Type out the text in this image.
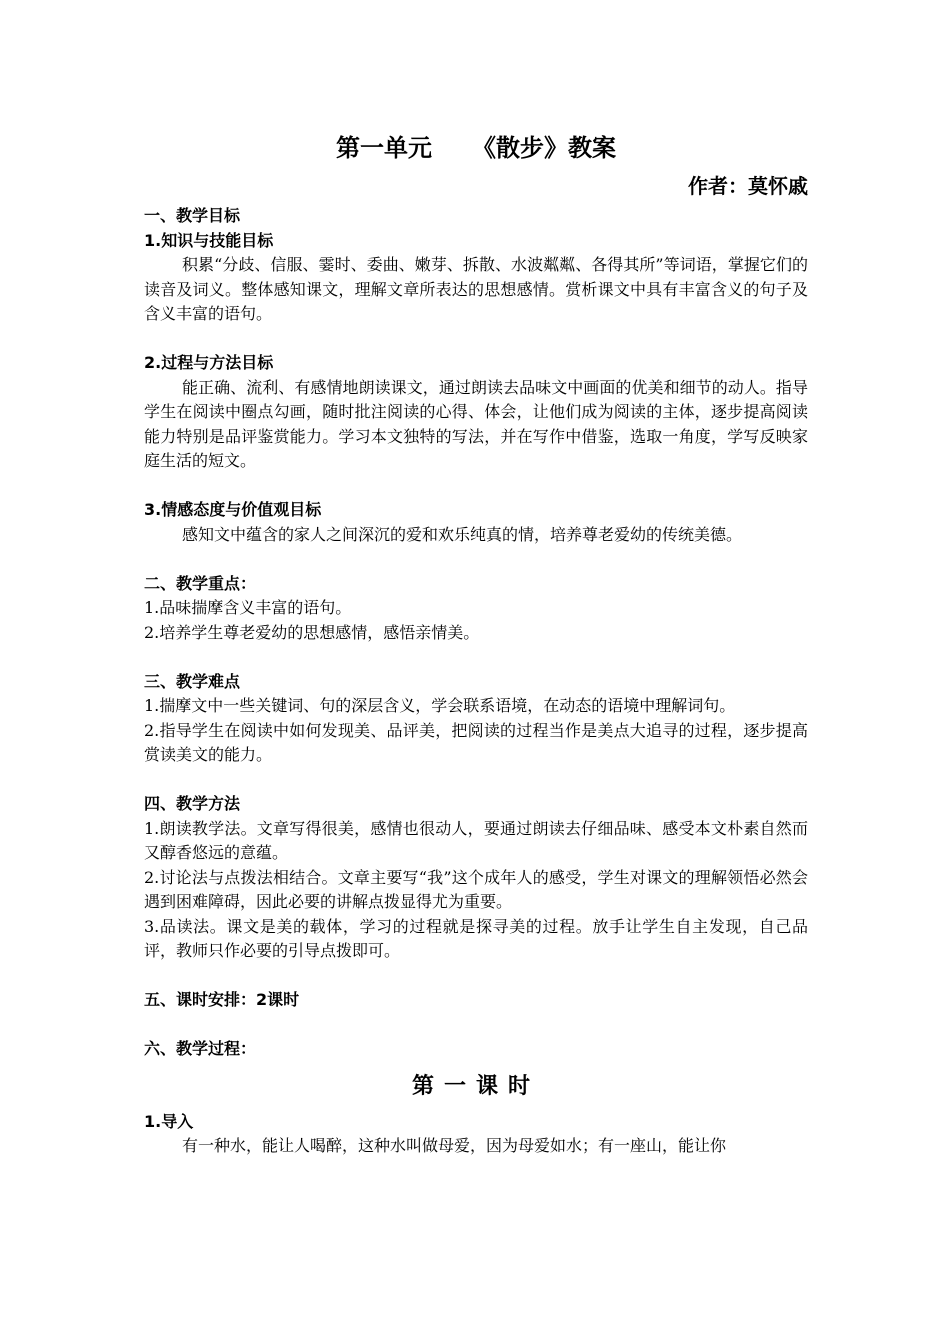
第一单元 《散步》教案
作者：莫怀戚
一、教学目标
1.知识与技能目标
积累“分歧、信服、霎时、委曲、嫩芽、拆散、水波粼粼、各得其所”等词语，掌握它们的读音及词义。整体感知课文，理解文章所表达的思想感情。赏析课文中具有丰富含义的句子及含义丰富的语句。
2.过程与方法目标
能正确、流利、有感情地朗读课文，通过朗读去品味文中画面的优美和细节的动人。指导学生在阅读中圈点勾画，随时批注阅读的心得、体会，让他们成为阅读的主体，逐步提高阅读能力特别是品评鉴赏能力。学习本文独特的写法，并在写作中借鉴，选取一角度，学写反映家庭生活的短文。
3.情感态度与价值观目标
感知文中蕴含的家人之间深沉的爱和欢乐纯真的情，培养尊老爱幼的传统美德。
二、教学重点：
1.品味揣摩含义丰富的语句。
2.培养学生尊老爱幼的思想感情，感悟亲情美。
三、教学难点
1.揣摩文中一些关键词、句的深层含义，学会联系语境，在动态的语境中理解词句。
2.指导学生在阅读中如何发现美、品评美，把阅读的过程当作是美点大追寻的过程，逐步提高赏读美文的能力。
四、教学方法
1.朗读教学法。文章写得很美，感情也很动人，要通过朗读去仔细品味、感受本文朴素自然而又醇香悠远的意蕴。
2.讨论法与点拨法相结合。文章主要写“我”这个成年人的感受，学生对课文的理解领悟必然会遇到困难障碍，因此必要的讲解点拨显得尤为重要。
3.品读法。课文是美的载体，学习的过程就是探寻美的过程。放手让学生自主发现，自己品评，教师只作必要的引导点拨即可。
五、课时安排：2课时
六、教学过程：
第一课时
1.导入
有一种水，能让人喝醉，这种水叫做母爱，因为母爱如水；有一座山，能让你
